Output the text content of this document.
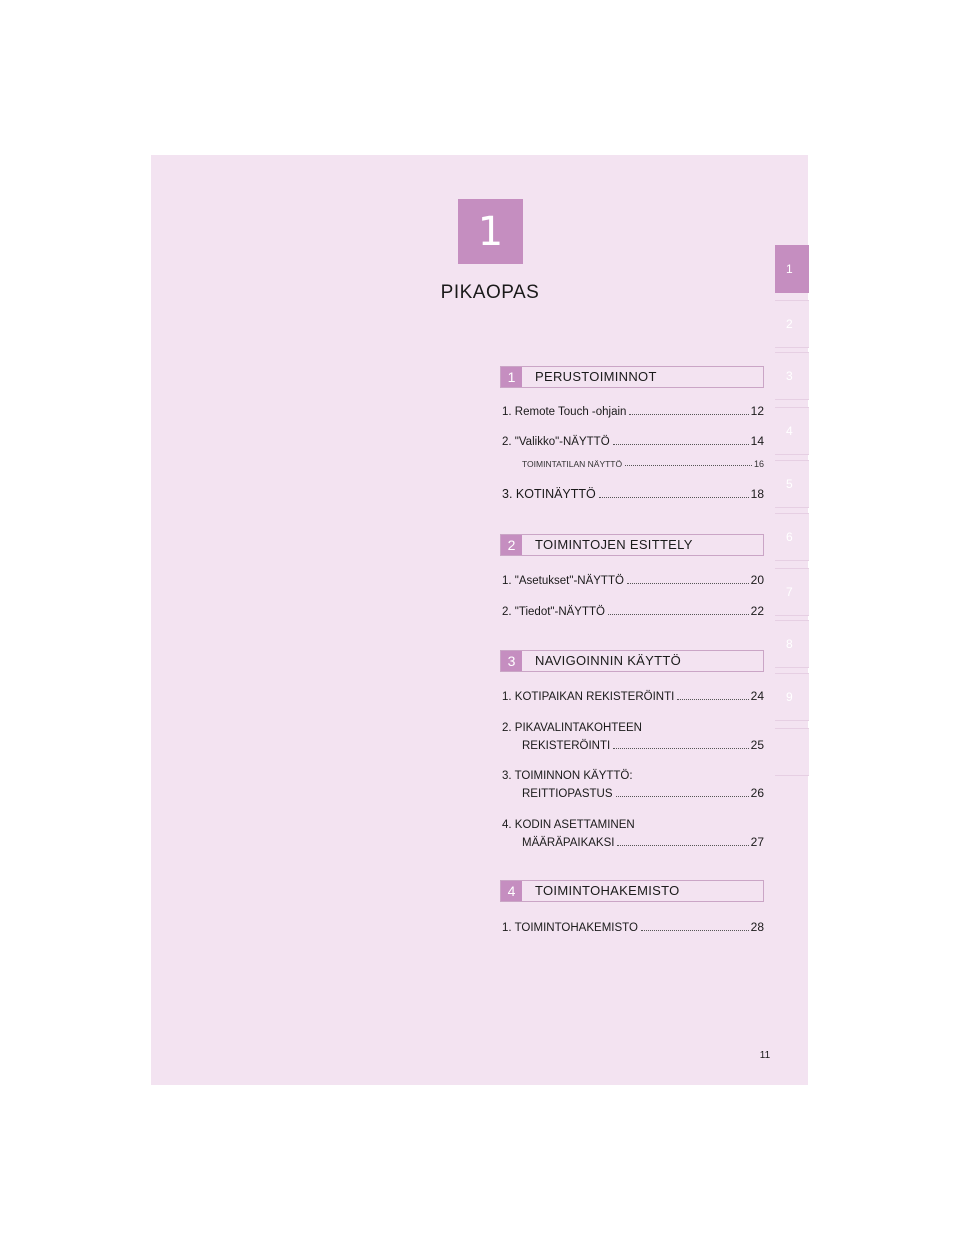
1
PIKAOPAS
1
2
3
4
5
6
7
8
9
1	PERUSTOIMINNOT
1. Remote Touch -ohjain	12
2. "Valikko"-NÄYTTÖ	14
TOIMINTATILAN NÄYTTÖ	16
3. KOTINÄYTTÖ	18
2	TOIMINTOJEN ESITTELY
1. "Asetukset"-NÄYTTÖ	20
2. "Tiedot"-NÄYTTÖ	22
3	NAVIGOINNIN KÄYTTÖ
1. KOTIPAIKAN REKISTERÖINTI	24
2. PIKAVALINTAKOHTEEN
REKISTERÖINTI	25
3. TOIMINNON KÄYTTÖ:
REITTIOPASTUS	26
4. KODIN ASETTAMINEN
MÄÄRÄPAIKAKSI	27
4	TOIMINTOHAKEMISTO
1. TOIMINTOHAKEMISTO	28
11
